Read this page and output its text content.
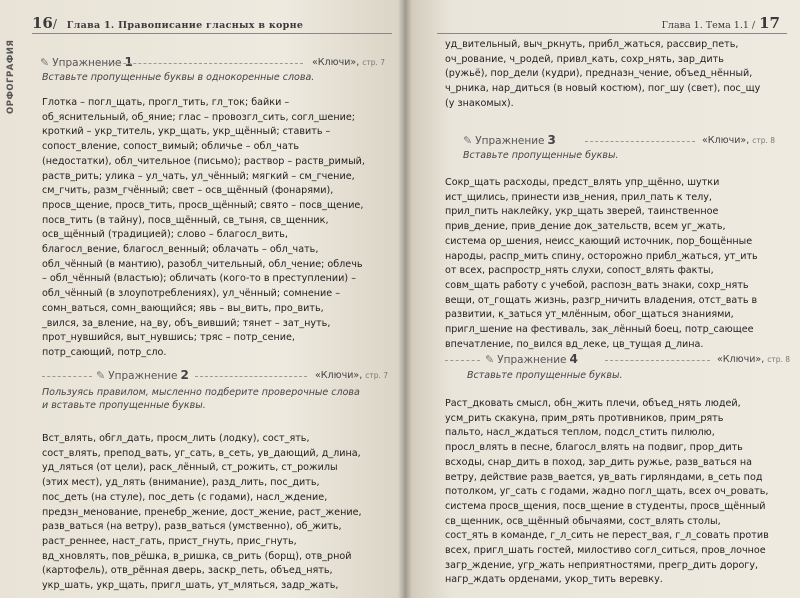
16/ Глава 1. Правописание гласных в корне
ОРФОГРАФИЯ ✎ Упражнение 1	«Ключи», стр. 7
Вставьте пропущенные буквы в однокоренные слова.
Глотка – погл_щать, прогл_тить, гл_ток; байки –
об_яснительный, об_яние; глас – провозгл_сить, согл_шение;
кроткий – укр_титель, укр_щать, укр_щённый; ставить –
сопост_вление, сопост_вимый; обличье – обл_чать
(недостатки), обл_чительное (письмо); раствор – раств_римый,
раств_рить; улика – ул_чать, ул_чённый; мягкий – см_гчение,
см_гчить, разм_гчённый; свет – осв_щённый (фонарями),
просв_щение, просв_тить, просв_щённый; свято – посв_щение,
посв_тить (в тайну), посв_щённый, св_тыня, св_щенник,
осв_щённый (традицией); слово – благосл_вить,
благосл_вение, благосл_венный; облачать – обл_чать,
обл_чённый (в мантию), разобл_чительный, обл_чение; облечь
– обл_чённый (властью); обличать (кого-то в преступлении) –
обл_чённый (в злоупотреблениях), ул_чённый; сомнение –
сомн_ваться, сомн_вающийся; явь – вы_вить, про_вить,
_вился, за_вление, на_ву, объ_вивший; тянет – зат_нуть,
прот_нувшийся, выт_нувшись; тряс – потр_сение,
потр_сающий, потр_сло.
✎ Упражнение 2	«Ключи», стр. 7
Пользуясь правилом, мысленно подберите проверочные слова
и вставьте пропущенные буквы.
Вст_влять, обгл_дать, просм_лить (лодку), сост_ять,
сост_влять, препод_вать, уг_сать, в_сеть, ув_дающий, д_лина,
уд_ляться (от цели), раск_лённый, ст_рожить, ст_рожилы
(этих мест), уд_лять (внимание), разд_лить, пос_дить,
пос_деть (на стуле), пос_деть (с годами), насл_ждение,
предзн_менование, пренебр_жение, дост_жение, раст_жение,
разв_ваться (на ветру), разв_ваться (умственно), об_жить,
раст_реннее, наст_гать, прист_гнуть, прис_гнуть,
вд_хновлять, пов_рёшка, в_ришка, св_рить (борщ), отв_рной
(картофель), отв_рённая дверь, заскр_петь, объед_нять,
укр_шать, укр_щать, пригл_шать, ут_мляться, задр_жать,
Глава 1. Тема 1.1 / 17
уд_вительный, выч_ркнуть, прибл_жаться, рассвир_петь,
оч_рование, ч_родей, привл_кать, сохр_нять, зар_дить
(ружьё), пор_дели (кудри), предназн_чение, объед_нённый,
ч_рника, нар_диться (в новый костюм), пог_шу (свет), пос_щу
(у знакомых).
✎ Упражнение 3	«Ключи», стр. 8
Вставьте пропущенные буквы.
Сокр_щать расходы, предст_влять упр_щённо, шутки
ист_щились, принести изв_нения, прил_пать к телу,
прил_пить наклейку, укр_щать зверей, таинственное
прив_дение, прив_дение док_зательств, всем уг_жать,
система ор_шения, неисс_кающий источник, пор_бощённые
народы, распр_мить спину, осторожно прибл_жаться, ут_ить
от всех, распростр_нять слухи, сопост_влять факты,
совм_щать работу с учебой, распозн_вать знаки, сохр_нять
вещи, от_гощать жизнь, разгр_ничить владения, отст_вать в
развитии, к_заться ут_млённым, обог_щаться знаниями,
пригл_шение на фестиваль, зак_лённый боец, потр_сающее
впечатление, по_вился вд_леке, цв_тущая д_лина.
✎ Упражнение 4	«Ключи», стр. 8
Вставьте пропущенные буквы.
Раст_дковать смысл, обн_жить плечи, объед_нять людей,
усм_рить скакуна, прим_рять противников, прим_рять
пальто, насл_ждаться теплом, подсл_стить пилюлю,
просл_влять в песне, благосл_влять на подвиг, прор_дить
всходы, снар_дить в поход, зар_дить ружье, разв_ваться на
ветру, действие разв_вается, ув_вать гирляндами, в_сеть под
потолком, уг_сать с годами, жадно погл_щать, всех оч_ровать,
система просв_щения, посв_щение в студенты, просв_щённый
св_щенник, осв_щённый обычаями, сост_влять столы,
сост_ять в команде, г_л_сить не перест_вая, г_л_совать против
всех, пригл_шать гостей, милостиво согл_ситься, пров_лочное
загр_ждение, угр_жать неприятностями, прегр_дить дорогу,
нагр_ждать орденами, укор_тить веревку.
